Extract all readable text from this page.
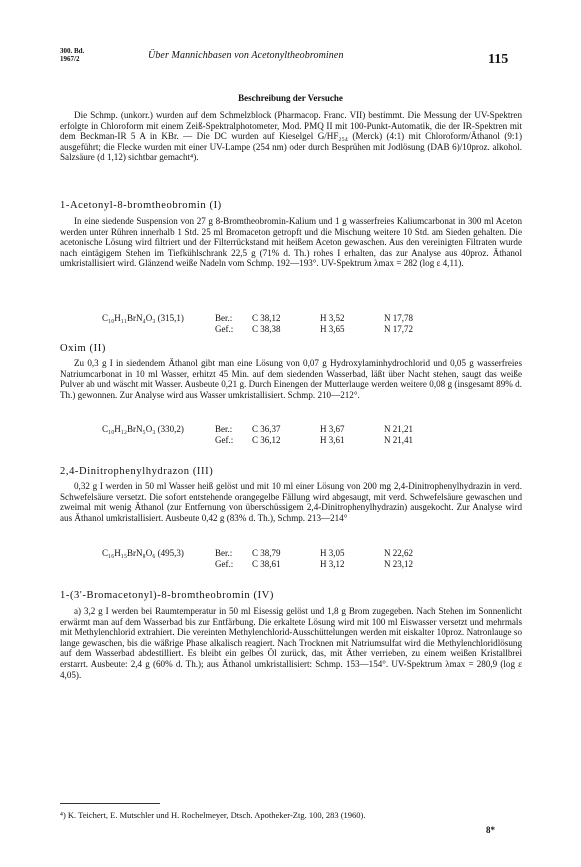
300. Bd.
1967/2	Über Mannichbasen von Acetonyltheobrominen	115
Beschreibung der Versuche
Die Schmp. (unkorr.) wurden auf dem Schmelzblock (Pharmacop. Franc. VII) bestimmt. Die Messung der UV-Spektren erfolgte in Chloroform mit einem Zeiß-Spektralphotometer, Mod. PMQ II mit 100-Punkt-Automatik, die der IR-Spektren mit dem Beckman-IR 5 A in KBr. — Die DC wurden auf Kieselgel G/HF₂₅₄ (Merck) (4:1) mit Chloroform/Äthanol (9:1) ausgeführt; die Flecke wurden mit einer UV-Lampe (254 nm) oder durch Besprühen mit Jodlösung (DAB 6)/10proz. alkohol. Salzsäure (d 1,12) sichtbar gemacht⁴).
1-Acetonyl-8-bromtheobromin (I)
In eine siedende Suspension von 27 g 8-Bromtheobromin-Kalium und 1 g wasserfreies Kaliumcarbonat in 300 ml Aceton werden unter Rühren innerhalb 1 Std. 25 ml Bromaceton getropft und die Mischung weitere 10 Std. am Sieden gehalten. Die acetonische Lösung wird filtriert und der Filterrückstand mit heißem Aceton gewaschen. Aus den vereinigten Filtraten wurde nach eintägigem Stehen im Tiefkühlschrank 22,5 g (71% d. Th.) rohes I erhalten, das zur Analyse aus 40proz. Äthanol umkristallisiert wird. Glänzend weiße Nadeln vom Schmp. 192—193°. UV-Spektrum λmax = 282 (log ε 4,11).
C₁₀H₁₁BrN₄O₃ (315,1)	Ber.: C 38,12	H 3,52	N 17,78
Gef.: C 38,38	H 3,65	N 17,72
Oxim (II)
Zu 0,3 g I in siedendem Äthanol gibt man eine Lösung von 0,07 g Hydroxylaminhydrochlorid und 0,05 g wasserfreies Natriumcarbonat in 10 ml Wasser, erhitzt 45 Min. auf dem siedenden Wasserbad, läßt über Nacht stehen, saugt das weiße Pulver ab und wäscht mit Wasser. Ausbeute 0,21 g. Durch Einengen der Mutterlauge werden weitere 0,08 g (insgesamt 89% d. Th.) gewonnen. Zur Analyse wird aus Wasser umkristallisiert. Schmp. 210—212°.
C₁₀H₁₂BrN₅O₃ (330,2)	Ber.: C 36,37	H 3,67	N 21,21
Gef.: C 36,12	H 3,61	N 21,41
2,4-Dinitrophenylhydrazon (III)
0,32 g I werden in 50 ml Wasser heiß gelöst und mit 10 ml einer Lösung von 200 mg 2,4-Dinitrophenylhydrazin in verd. Schwefelsäure versetzt. Die sofort entstehende orangegelbe Fällung wird abgesaugt, mit verd. Schwefelsäure gewaschen und zweimal mit wenig Äthanol (zur Entfernung von überschüssigem 2,4-Dinitrophenylhydrazin) ausgekocht. Zur Analyse wird aus Äthanol umkristallisiert. Ausbeute 0,42 g (83% d. Th.), Schmp. 213—214°
C₁₆H₁₅BrN₈O₆ (495,3)	Ber.: C 38,79	H 3,05	N 22,62
Gef.: C 38,61	H 3,12	N 23,12
1-(3'-Bromacetonyl)-8-bromtheobromin (IV)
a) 3,2 g I werden bei Raumtemperatur in 50 ml Eisessig gelöst und 1,8 g Brom zugegeben. Nach Stehen im Sonnenlicht erwärmt man auf dem Wasserbad bis zur Entfärbung. Die erkaltete Lösung wird mit 100 ml Eiswasser versetzt und mehrmals mit Methylenchlorid extrahiert. Die vereinten Methylenchlorid-Ausschüttelungen werden mit eiskalter 10proz. Natronlauge so lange gewaschen, bis die wäßrige Phase alkalisch reagiert. Nach Trocknen mit Natriumsulfat wird die Methylenchloridlösung auf dem Wasserbad abdestilliert. Es bleibt ein gelbes Öl zurück, das, mit Äther verrieben, zu einem weißen Kristallbrei erstarrt. Ausbeute: 2,4 g (60% d. Th.); aus Äthanol umkristallisiert: Schmp. 153—154°. UV-Spektrum λmax = 280,9 (log ε 4,05).
⁴) K. Teichert, E. Mutschler und H. Rochelmeyer, Dtsch. Apotheker-Ztg. 100, 283 (1960).
8*
